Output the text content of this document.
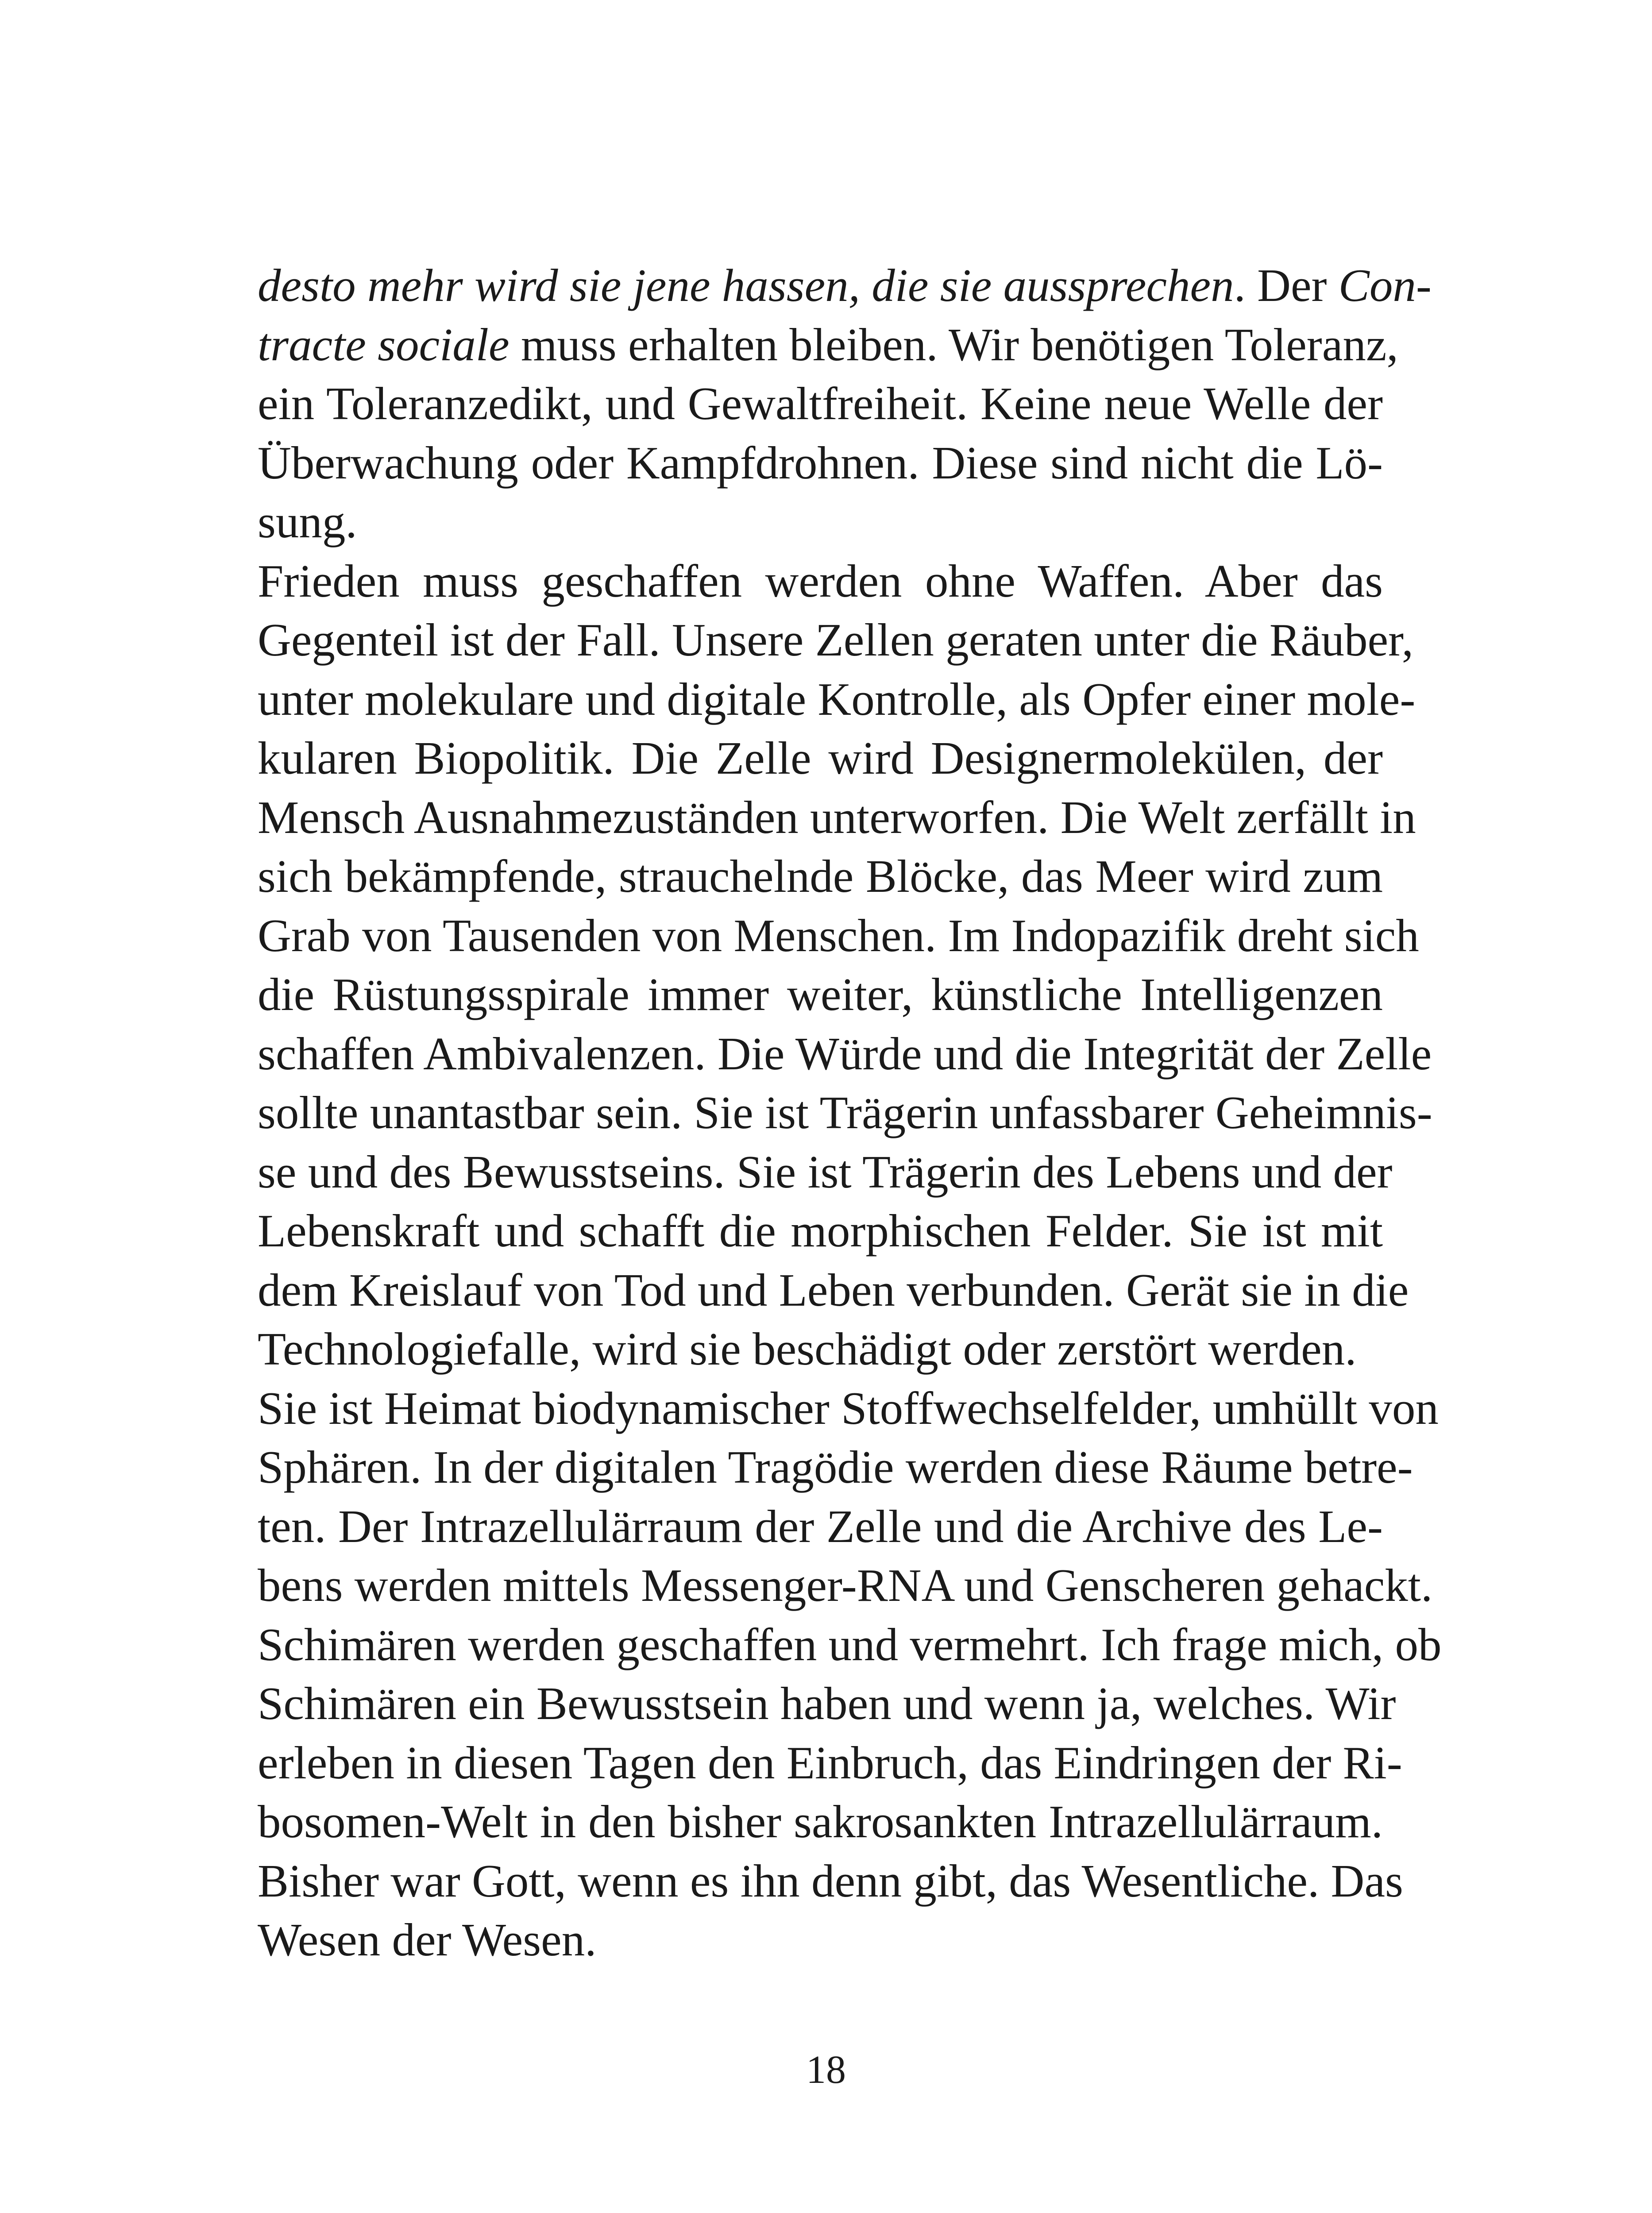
desto mehr wird sie jene hassen, die sie aussprechen. Der Con-
tracte sociale muss erhalten bleiben. Wir benötigen Toleranz,
ein Toleranzedikt, und Gewaltfreiheit. Keine neue Welle der
Überwachung oder Kampfdrohnen. Diese sind nicht die Lö-
sung.
Frieden muss geschaffen werden ohne Waffen. Aber das
Gegenteil ist der Fall. Unsere Zellen geraten unter die Räuber,
unter molekulare und digitale Kontrolle, als Opfer einer mole-
kularen Biopolitik. Die Zelle wird Designermolekülen, der
Mensch Ausnahmezuständen unterworfen. Die Welt zerfällt in
sich bekämpfende, strauchelnde Blöcke, das Meer wird zum
Grab von Tausenden von Menschen. Im Indopazifik dreht sich
die Rüstungsspirale immer weiter, künstliche Intelligenzen
schaffen Ambivalenzen. Die Würde und die Integrität der Zelle
sollte unantastbar sein. Sie ist Trägerin unfassbarer Geheimnis-
se und des Bewusstseins. Sie ist Trägerin des Lebens und der
Lebenskraft und schafft die morphischen Felder. Sie ist mit
dem Kreislauf von Tod und Leben verbunden. Gerät sie in die
Technologiefalle, wird sie beschädigt oder zerstört werden.
Sie ist Heimat biodynamischer Stoffwechselfelder, umhüllt von
Sphären. In der digitalen Tragödie werden diese Räume betre-
ten. Der Intrazellulärraum der Zelle und die Archive des Le-
bens werden mittels Messenger-RNA und Genscheren gehackt.
Schimären werden geschaffen und vermehrt. Ich frage mich, ob
Schimären ein Bewusstsein haben und wenn ja, welches. Wir
erleben in diesen Tagen den Einbruch, das Eindringen der Ri-
bosomen-Welt in den bisher sakrosankten Intrazellulärraum.
Bisher war Gott, wenn es ihn denn gibt, das Wesentliche. Das
Wesen der Wesen.
18
